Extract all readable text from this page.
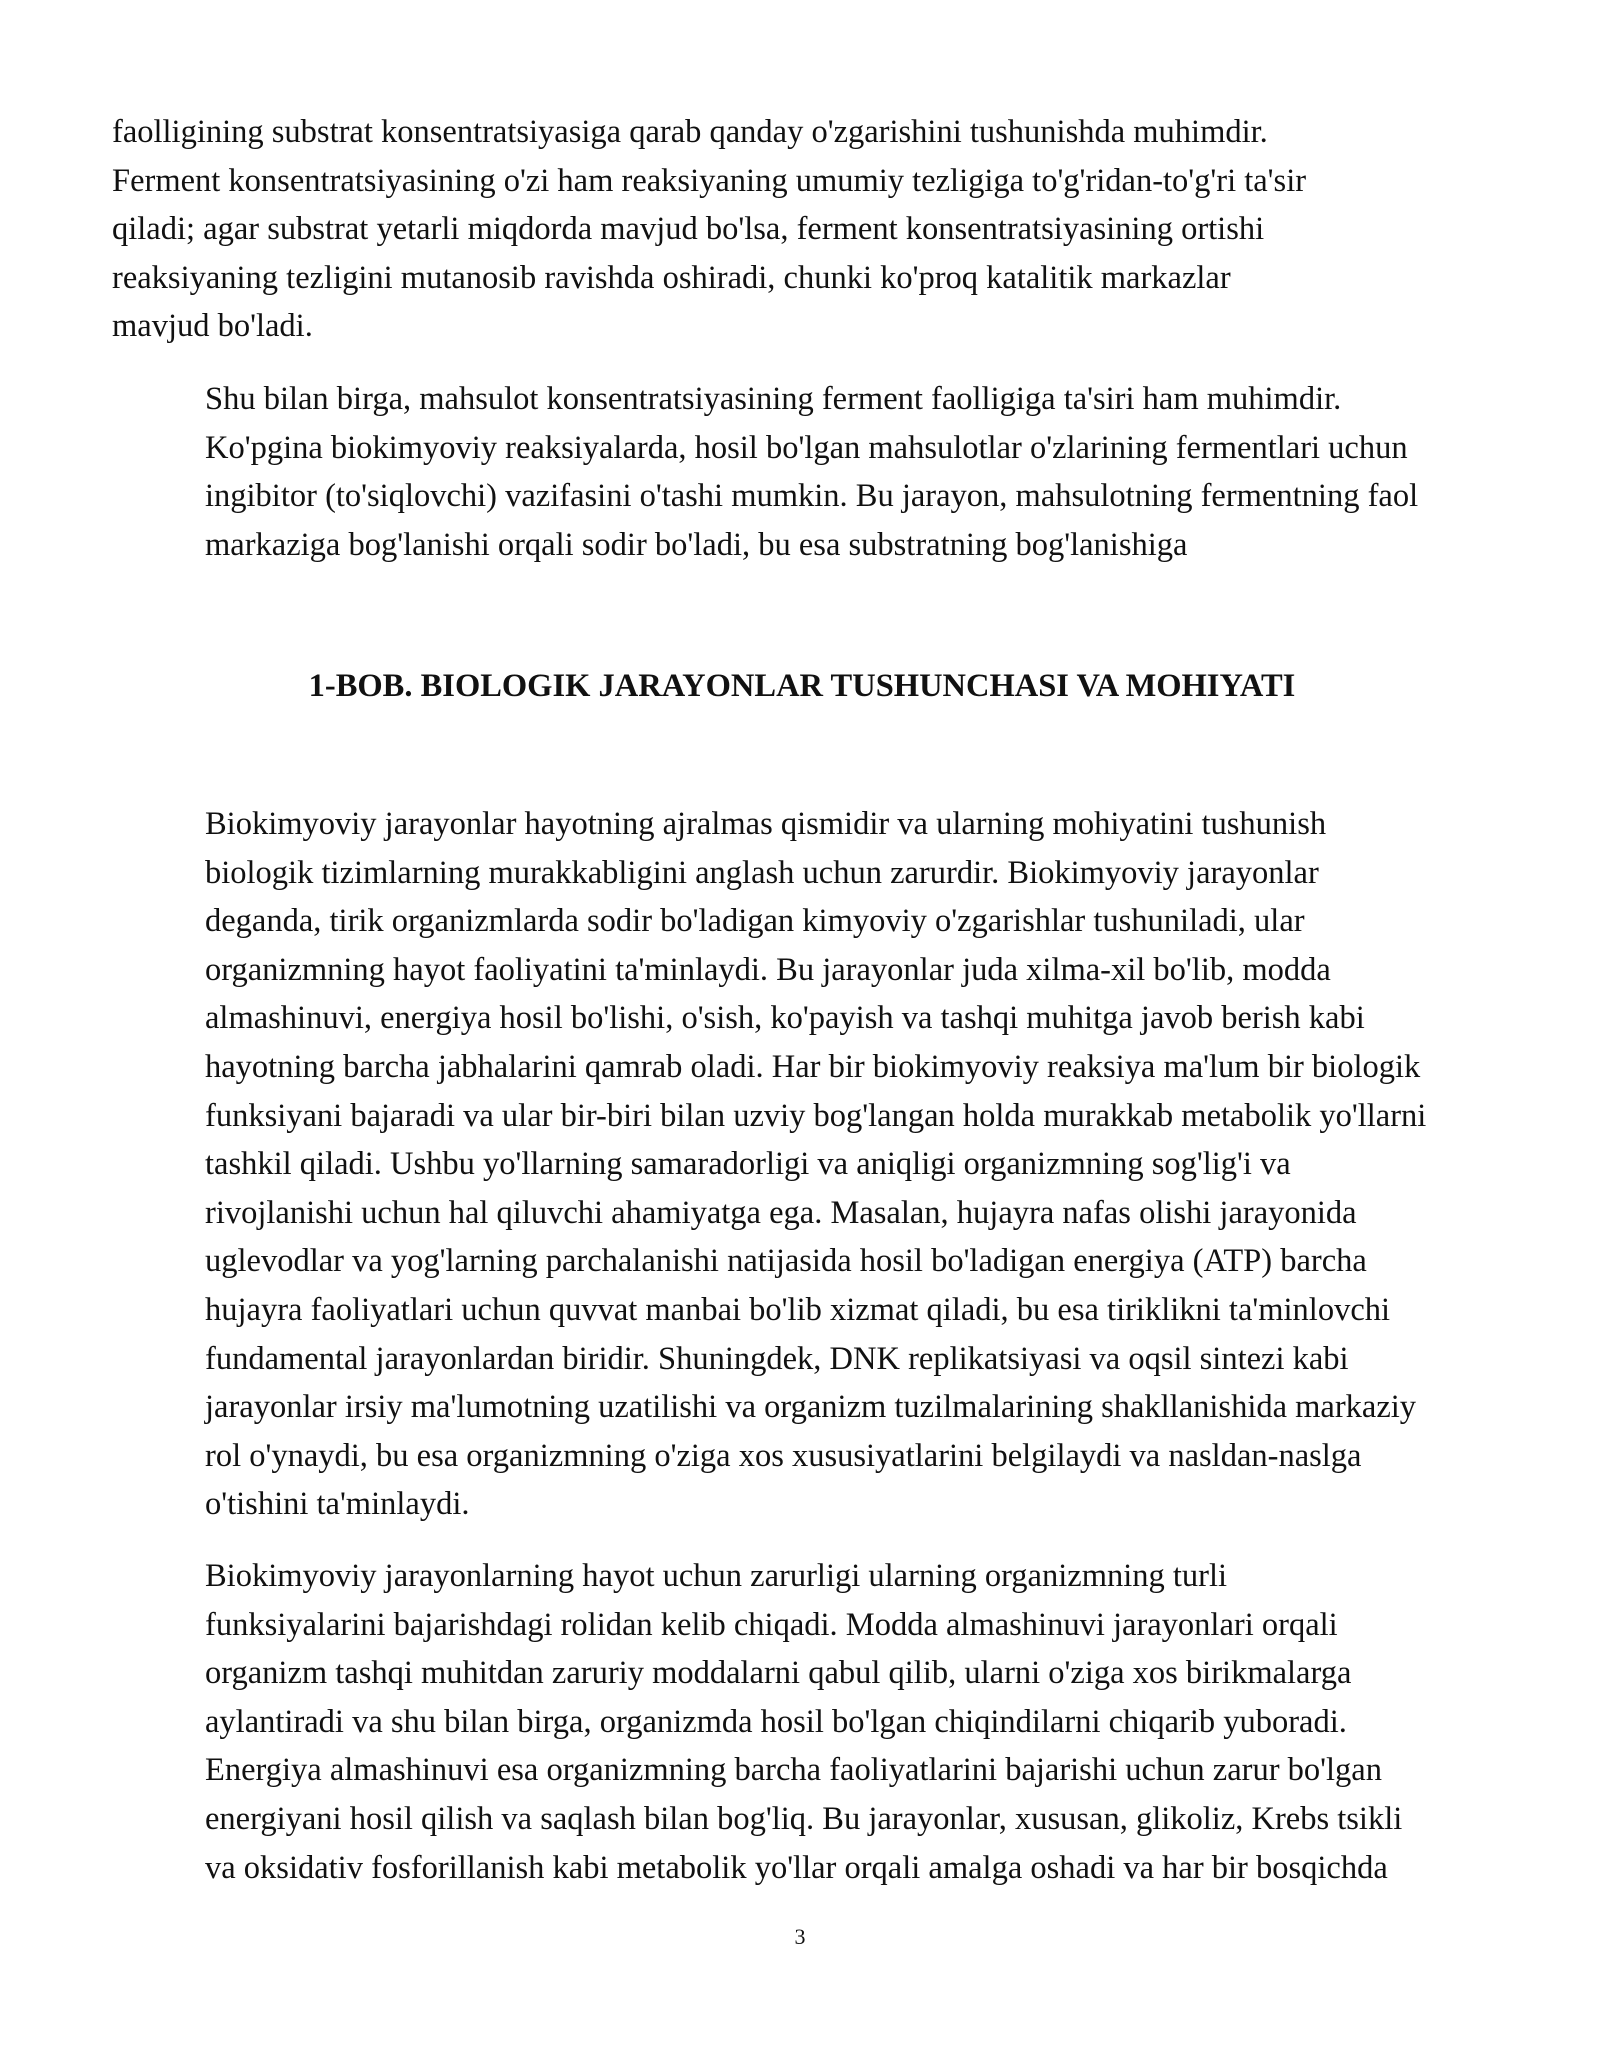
faolligining substrat konsentratsiyasiga qarab qanday o'zgarishini tushunishda muhimdir.
Ferment konsentratsiyasining o'zi ham reaksiyaning umumiy tezligiga to'g'ridan-to'g'ri ta'sir
qiladi; agar substrat yetarli miqdorda mavjud bo'lsa, ferment konsentratsiyasining ortishi
reaksiyaning tezligini mutanosib ravishda oshiradi, chunki ko'proq katalitik markazlar
mavjud bo'ladi.

Shu bilan birga, mahsulot konsentratsiyasining ferment faolligiga ta'siri ham muhimdir.
Ko'pgina biokimyoviy reaksiyalarda, hosil bo'lgan mahsulotlar o'zlarining fermentlari uchun
ingibitor (to'siqlovchi) vazifasini o'tashi mumkin. Bu jarayon, mahsulotning fermentning faol
markaziga bog'lanishi orqali sodir bo'ladi, bu esa substratning bog'lanishiga

1-BOB. BIOLOGIK JARAYONLAR TUSHUNCHASI VA MOHIYATI

Biokimyoviy jarayonlar hayotning ajralmas qismidir va ularning mohiyatini tushunish
biologik tizimlarning murakkabligini anglash uchun zarurdir. Biokimyoviy jarayonlar
deganda, tirik organizmlarda sodir bo'ladigan kimyoviy o'zgarishlar tushuniladi, ular
organizmning hayot faoliyatini ta'minlaydi. Bu jarayonlar juda xilma-xil bo'lib, modda
almashinuvi, energiya hosil bo'lishi, o'sish, ko'payish va tashqi muhitga javob berish kabi
hayotning barcha jabhalarini qamrab oladi. Har bir biokimyoviy reaksiya ma'lum bir biologik
funksiyani bajaradi va ular bir-biri bilan uzviy bog'langan holda murakkab metabolik yo'llarni
tashkil qiladi. Ushbu yo'llarning samaradorligi va aniqligi organizmning sog'lig'i va
rivojlanishi uchun hal qiluvchi ahamiyatga ega. Masalan, hujayra nafas olishi jarayonida
uglevodlar va yog'larning parchalanishi natijasida hosil bo'ladigan energiya (ATP) barcha
hujayra faoliyatlari uchun quvvat manbai bo'lib xizmat qiladi, bu esa tiriklikni ta'minlovchi
fundamental jarayonlardan biridir. Shuningdek, DNK replikatsiyasi va oqsil sintezi kabi
jarayonlar irsiy ma'lumotning uzatilishi va organizm tuzilmalarining shakllanishida markaziy
rol o'ynaydi, bu esa organizmning o'ziga xos xususiyatlarini belgilaydi va nasldan-naslga
o'tishini ta'minlaydi.

Biokimyoviy jarayonlarning hayot uchun zarurligi ularning organizmning turli
funksiyalarini bajarishdagi rolidan kelib chiqadi. Modda almashinuvi jarayonlari orqali
organizm tashqi muhitdan zaruriy moddalarni qabul qilib, ularni o'ziga xos birikmalarga
aylantiradi va shu bilan birga, organizmda hosil bo'lgan chiqindilarni chiqarib yuboradi.
Energiya almashinuvi esa organizmning barcha faoliyatlarini bajarishi uchun zarur bo'lgan
energiyani hosil qilish va saqlash bilan bog'liq. Bu jarayonlar, xususan, glikoliz, Krebs tsikli
va oksidativ fosforillanish kabi metabolik yo'llar orqali amalga oshadi va har bir bosqichda

3
